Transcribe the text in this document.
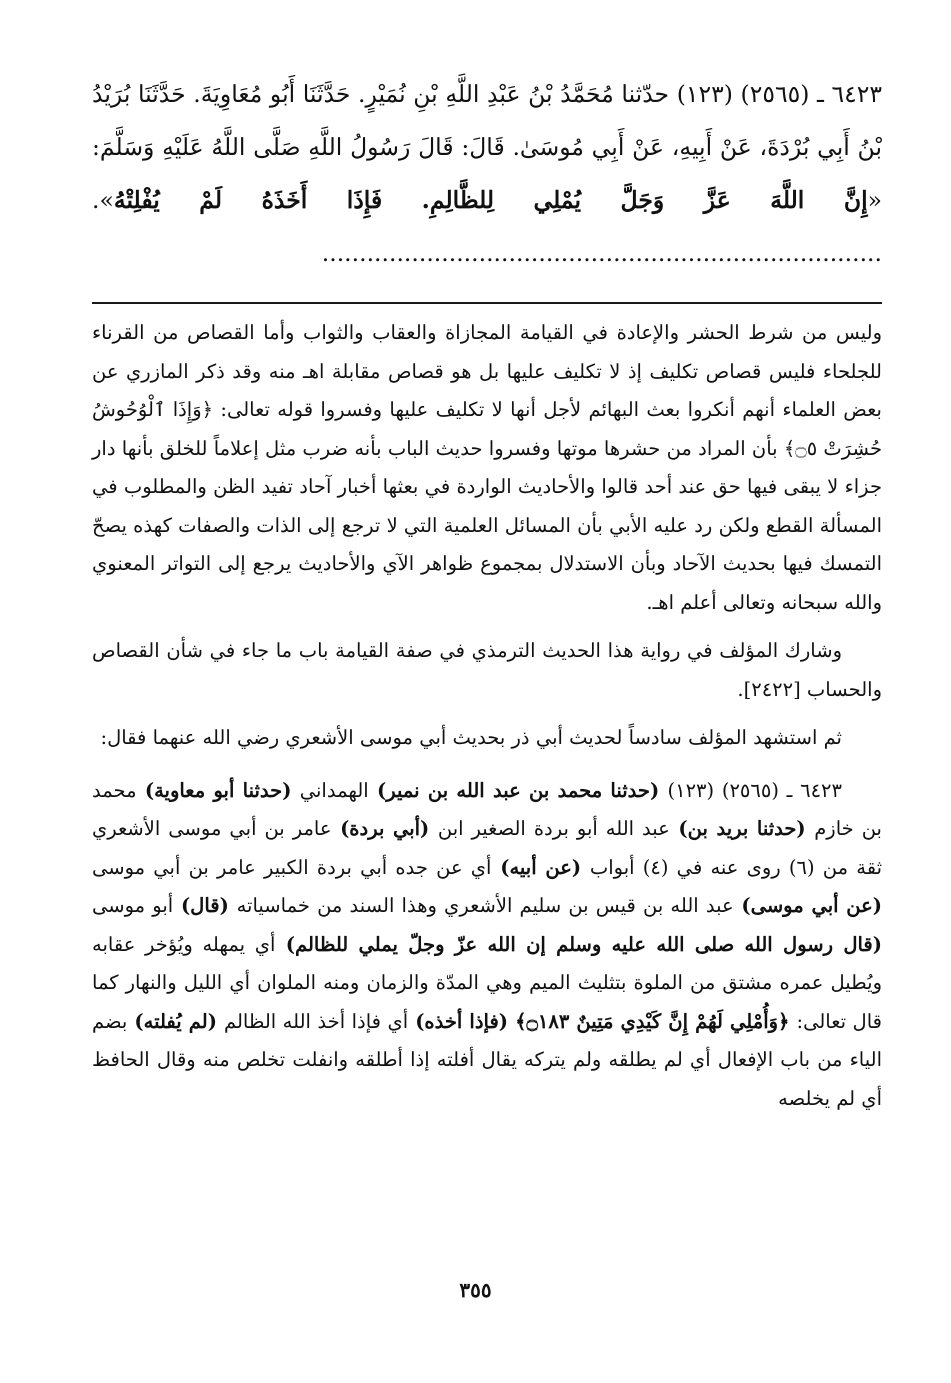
٦٤٢٣ ـ (٢٥٦٥) (١٢٣) حدّثنا مُحَمَّدُ بْنُ عَبْدِ اللَّهِ بْنِ نُمَيْرٍ. حَدَّثَنَا أَبُو مُعَاوِيَةَ. حَدَّثَنَا بُرَيْدُ بْنُ أَبِي بُرْدَةَ، عَنْ أَبِيهِ، عَنْ أَبِي مُوسَىٰ. قَالَ: قَالَ رَسُولُ اللَّهِ صَلَّى اللَّهُ عَلَيْهِ وَسَلَّمَ: «إِنَّ اللَّهَ عَزَّ وَجَلَّ يُمْلِي لِلظَّالِمِ. فَإِذَا أَخَذَهُ لَمْ يُفْلِتْهُ». ...........................................................................

وليس من شرط الحشر والإعادة في القيامة المجازاة والعقاب والثواب وأما القصاص من القرناء للجلحاء فليس قصاص تكليف إذ لا تكليف عليها بل هو قصاص مقابلة اهـ منه وقد ذكر المازري عن بعض العلماء أنهم أنكروا بعث البهائم لأجل أنها لا تكليف عليها وفسروا قوله تعالى: ﴿وَإِذَا ٱلْوُحُوشُ حُشِرَتْ ۝٥﴾ بأن المراد من حشرها موتها وفسروا حديث الباب بأنه ضرب مثل إعلاماً للخلق بأنها دار جزاء لا يبقى فيها حق عند أحد قالوا والأحاديث الواردة في بعثها أخبار آحاد تفيد الظن والمطلوب في المسألة القطع ولكن رد عليه الأبي بأن المسائل العلمية التي لا ترجع إلى الذات والصفات كهذه يصحّ التمسك فيها بحديث الآحاد وبأن الاستدلال بمجموع ظواهر الآي والأحاديث يرجع إلى التواتر المعنوي والله سبحانه وتعالى أعلم اهـ.

وشارك المؤلف في رواية هذا الحديث الترمذي في صفة القيامة باب ما جاء في شأن القصاص والحساب [٢٤٢٢].

ثم استشهد المؤلف سادساً لحديث أبي ذر بحديث أبي موسى الأشعري رضي الله عنهما فقال:

٦٤٢٣ ـ (٢٥٦٥) (١٢٣) (حدثنا محمد بن عبد الله بن نمير) الهمداني (حدثنا أبو معاوية) محمد بن خازم (حدثنا بريد بن) عبد الله أبو بردة الصغير ابن (أبي بردة) عامر بن أبي موسى الأشعري ثقة من (٦) روى عنه في (٤) أبواب (عن أبيه) أي عن جده أبي بردة الكبير عامر بن أبي موسى (عن أبي موسى) عبد الله بن قيس بن سليم الأشعري وهذا السند من خماسياته (قال) أبو موسى (قال رسول الله صلى الله عليه وسلم إن الله عزّ وجلّ يملي للظالم) أي يمهله ويُؤخر عقابه ويُطيل عمره مشتق من الملوة بتثليث الميم وهي المدّة والزمان ومنه الملوان أي الليل والنهار كما قال تعالى: ﴿وَأُمْلِي لَهُمْ إِنَّ كَيْدِي مَتِينٌ ۝١٨٣﴾ (فإذا أخذه) أي فإذا أخذ الله الظالم (لم يُفلته) بضم الياء من باب الإفعال أي لم يطلقه ولم يتركه يقال أفلته إذا أطلقه وانفلت تخلص منه وقال الحافظ أي لم يخلصه

٣٥٥
